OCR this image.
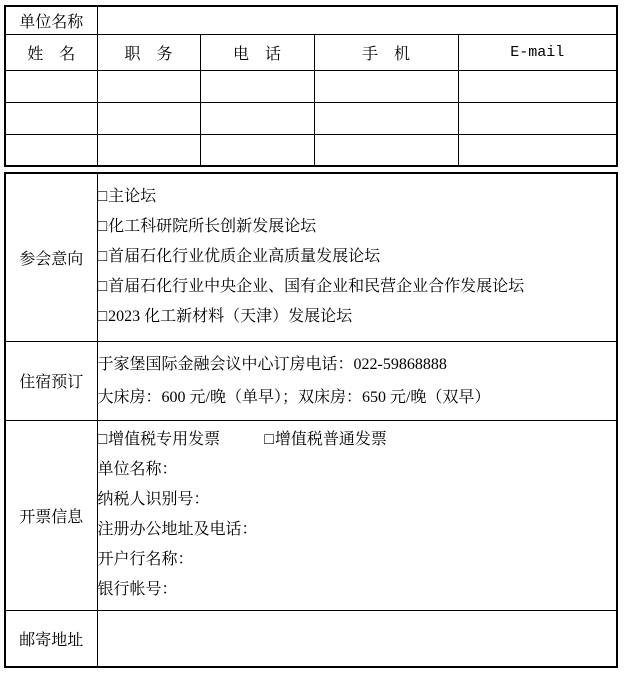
单位名称				
姓　名	职　务	电　话	手　机	E-mail

参会意向	□主论坛
□化工科研院所长创新发展论坛
□首届石化行业优质企业高质量发展论坛
□首届石化行业中央企业、国有企业和民营企业合作发展论坛
□2023 化工新材料（天津）发展论坛

住宿预订	于家堡国际金融会议中心订房电话：022-59868888
大床房：600 元/晚（单早）；双床房：650 元/晚（双早）

开票信息	
□增值税专用发票	□增值税普通发票
单位名称：
纳税人识别号：
注册办公地址及电话：
开户行名称：
银行帐号：

邮寄地址	
